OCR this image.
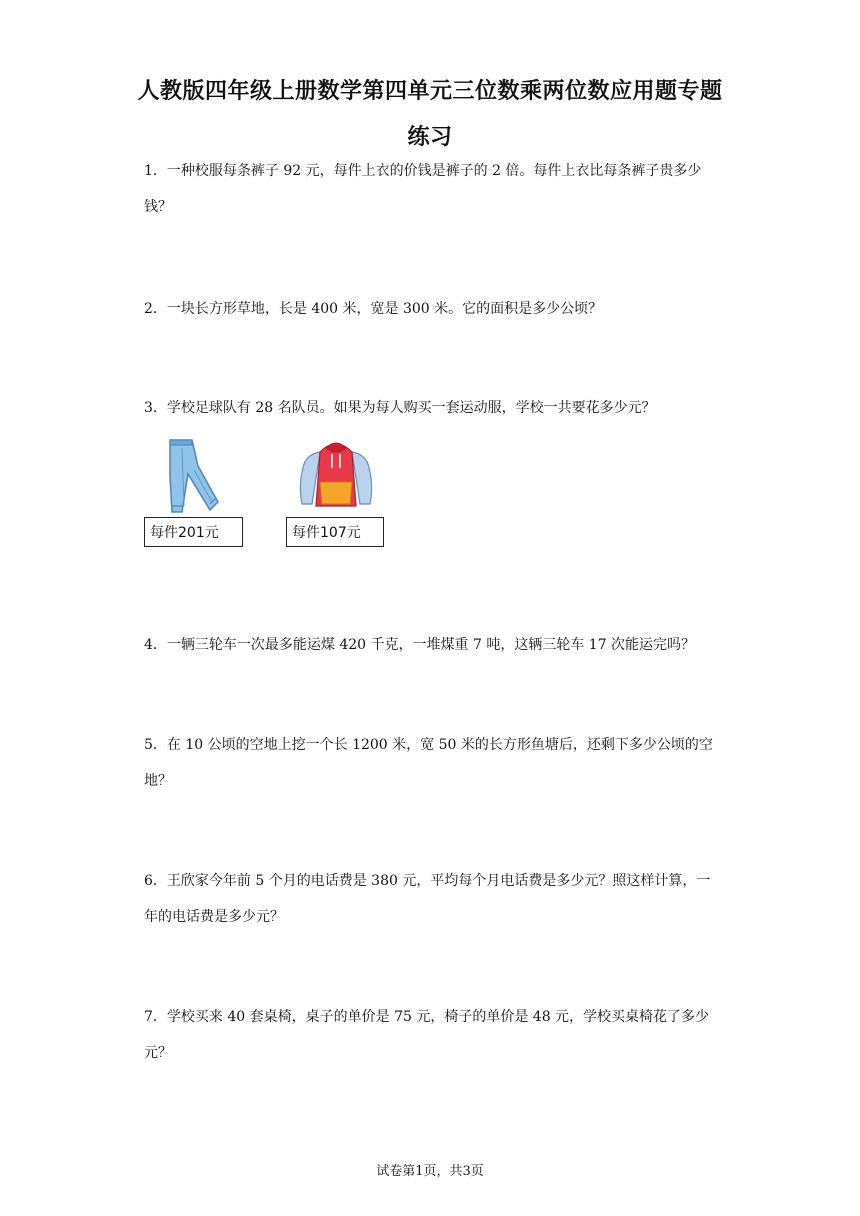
人教版四年级上册数学第四单元三位数乘两位数应用题专题
练习

1．一种校服每条裤子 92 元，每件上衣的价钱是裤子的 2 倍。每件上衣比每条裤子贵多少钱？

2．一块长方形草地，长是 400 米，宽是 300 米。它的面积是多少公顷？

3．学校足球队有 28 名队员。如果为每人购买一套运动服，学校一共要花多少元？

每件201元	每件107元

4．一辆三轮车一次最多能运煤 420 千克，一堆煤重 7 吨，这辆三轮车 17 次能运完吗？

5．在 10 公顷的空地上挖一个长 1200 米，宽 50 米的长方形鱼塘后，还剩下多少公顷的空地？

6．王欣家今年前 5 个月的电话费是 380 元，平均每个月电话费是多少元？照这样计算，一年的电话费是多少元？

7．学校买来 40 套桌椅，桌子的单价是 75 元，椅子的单价是 48 元，学校买桌椅花了多少元？

试卷第1页，共3页
